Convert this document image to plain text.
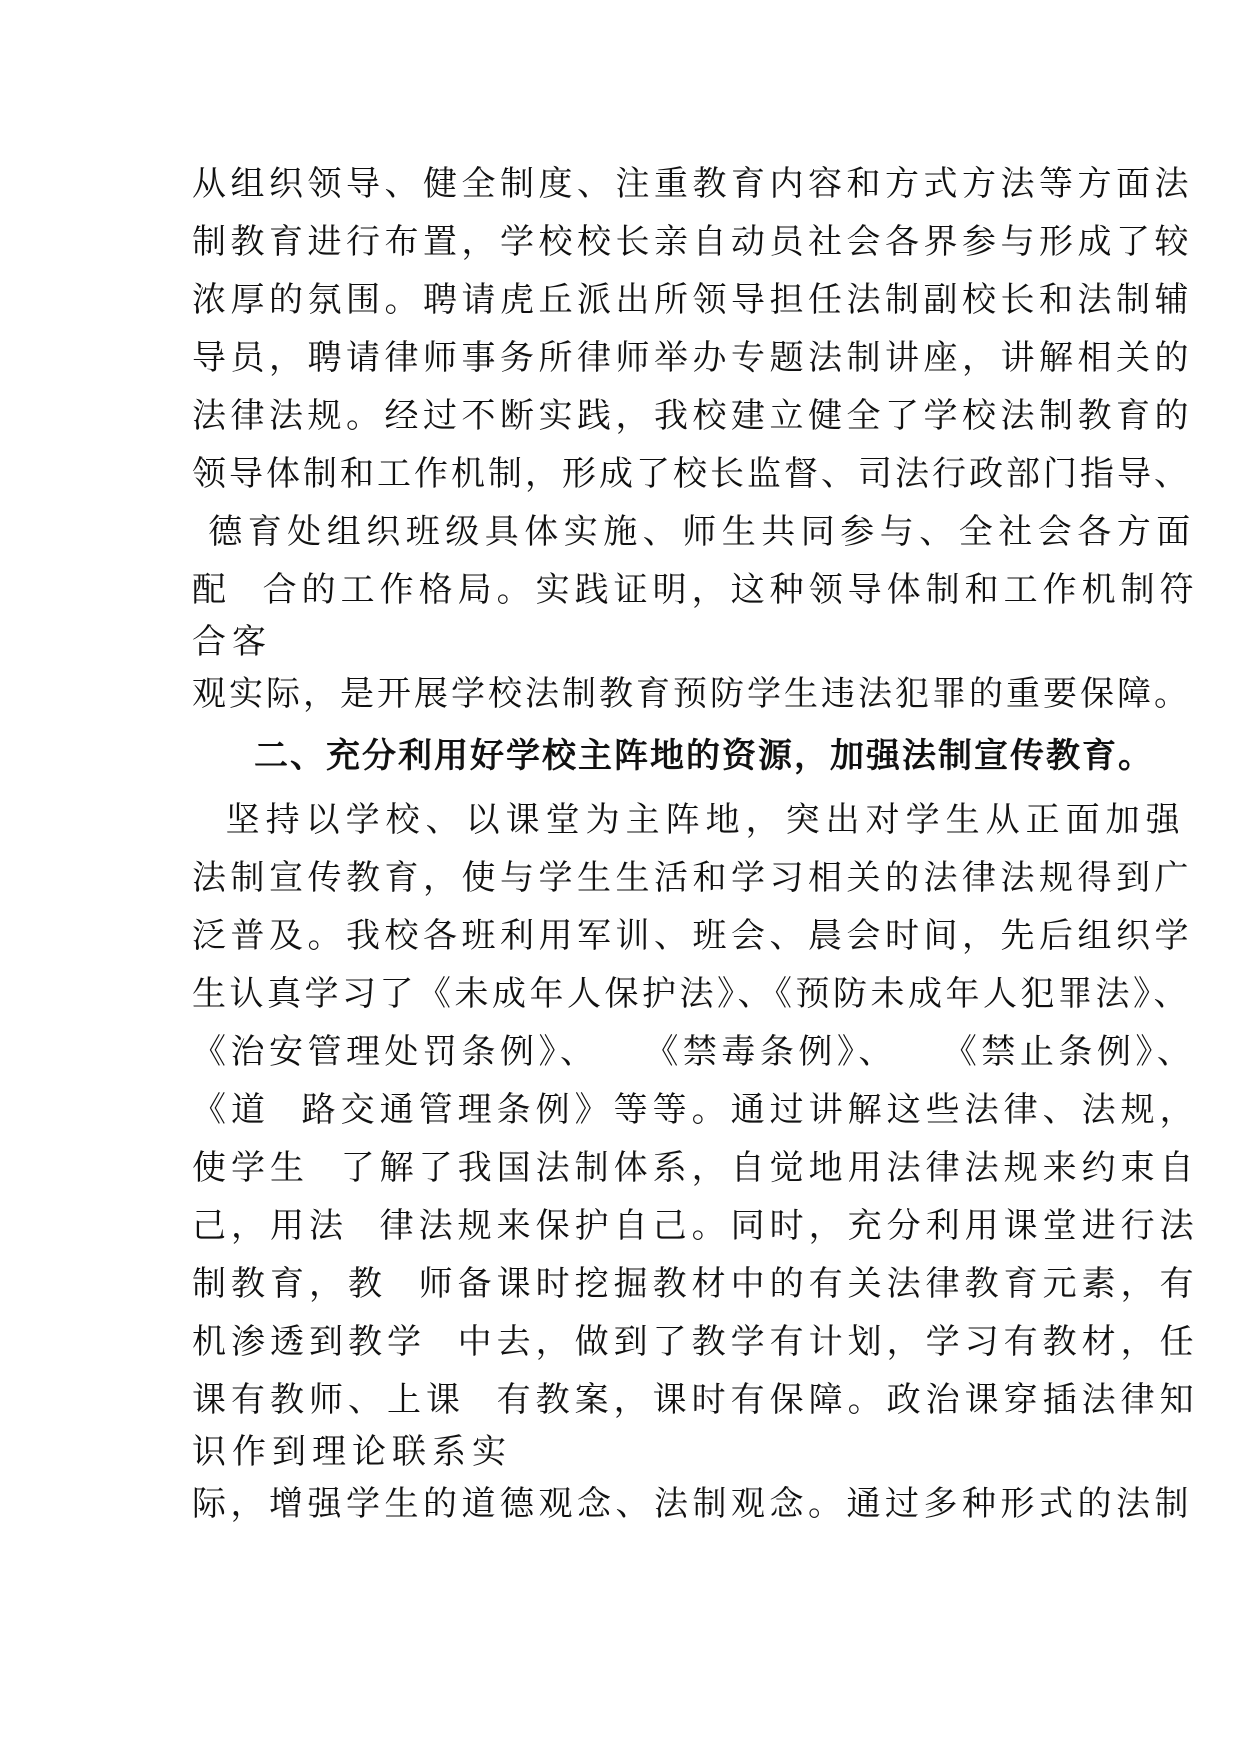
从组织领导、健全制度、注重教育内容和方式方法等方面法
制教育进行布置，学校校长亲自动员社会各界参与形成了较
浓厚的氛围。聘请虎丘派出所领导担任法制副校长和法制辅
导员，聘请律师事务所律师举办专题法制讲座，讲解相关的
法律法规。经过不断实践，我校建立健全了学校法制教育的
领导体制和工作机制，形成了校长监督、司法行政部门指导、
德育处组织班级具体实施、师生共同参与、全社会各方面
配  合的工作格局。实践证明，这种领导体制和工作机制符
合客
观实际，是开展学校法制教育预防学生违法犯罪的重要保障。
二、充分利用好学校主阵地的资源，加强法制宣传教育。
坚持以学校、以课堂为主阵地，突出对学生从正面加强
法制宣传教育，使与学生生活和学习相关的法律法规得到广
泛普及。我校各班利用军训、班会、晨会时间，先后组织学
生认真学习了《未成年人保护法》、《预防未成年人犯罪法》、
《治安管理处罚条例》、   《禁毒条例》、   《禁止条例》、
《道  路交通管理条例》等等。通过讲解这些法律、法规，
使学生  了解了我国法制体系，自觉地用法律法规来约束自
己，用法  律法规来保护自己。同时，充分利用课堂进行法
制教育，教  师备课时挖掘教材中的有关法律教育元素，有
机渗透到教学  中去，做到了教学有计划，学习有教材，任
课有教师、上课  有教案，课时有保障。政治课穿插法律知
识作到理论联系实
际，增强学生的道德观念、法制观念。通过多种形式的法制
